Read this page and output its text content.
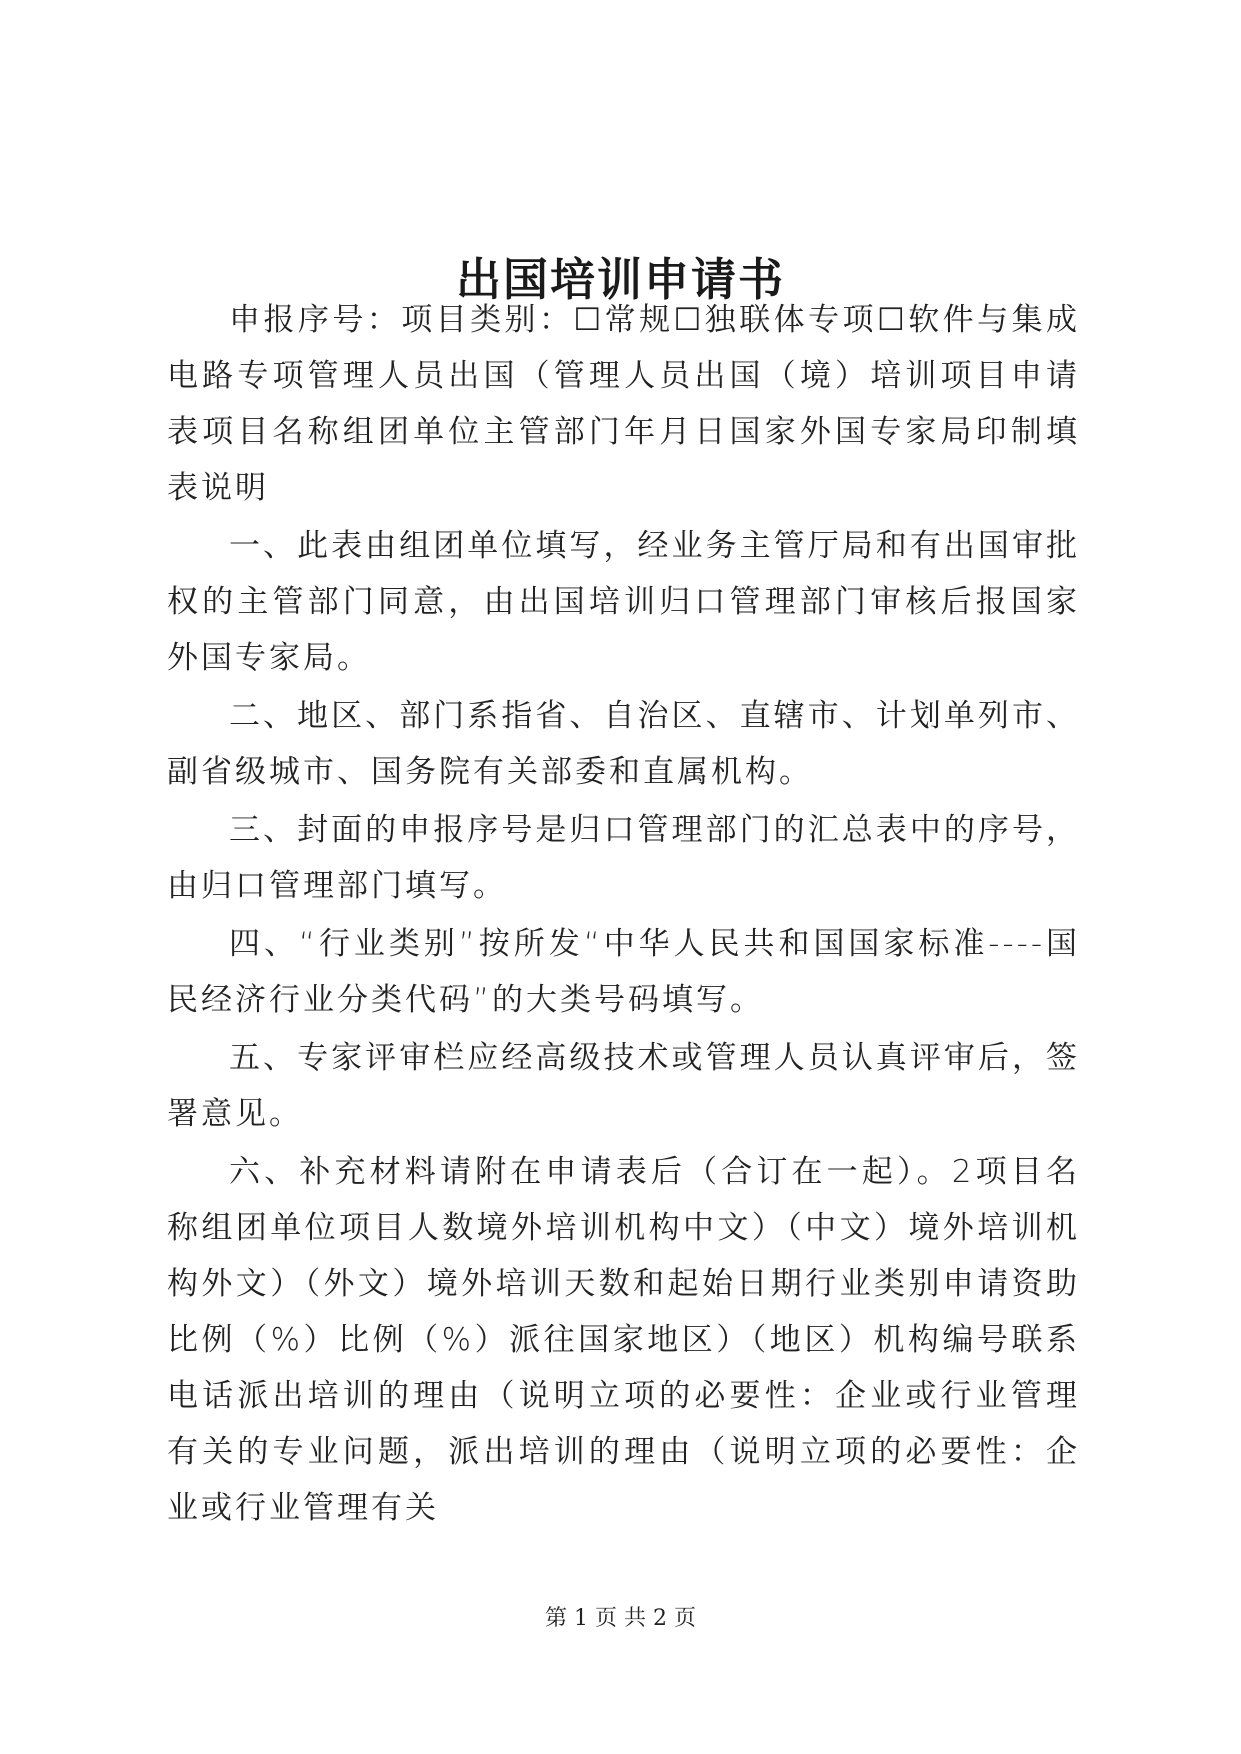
出国培训申请书

申报序号：项目类别：☐常规☐独联体专项☐软件与集成电路专项管理人员出国（管理人员出国（境）培训项目申请表项目名称组团单位主管部门年月日国家外国专家局印制填表说明

一、此表由组团单位填写，经业务主管厅局和有出国审批权的主管部门同意，由出国培训归口管理部门审核后报国家外国专家局。

二、地区、部门系指省、自治区、直辖市、计划单列市、副省级城市、国务院有关部委和直属机构。

三、封面的申报序号是归口管理部门的汇总表中的序号，由归口管理部门填写。

四、“行业类别”按所发“中华人民共和国国家标准----国民经济行业分类代码”的大类号码填写。

五、专家评审栏应经高级技术或管理人员认真评审后，签署意见。

六、补充材料请附在申请表后（合订在一起）。2项目名称组团单位项目人数境外培训机构中文）（中文）境外培训机构外文）（外文）境外培训天数和起始日期行业类别申请资助比例（%）比例（%）派往国家地区）（地区）机构编号联系电话派出培训的理由（说明立项的必要性：企业或行业管理有关的专业问题，派出培训的理由（说明立项的必要性：企业或行业管理有关

第 1 页 共 2 页
